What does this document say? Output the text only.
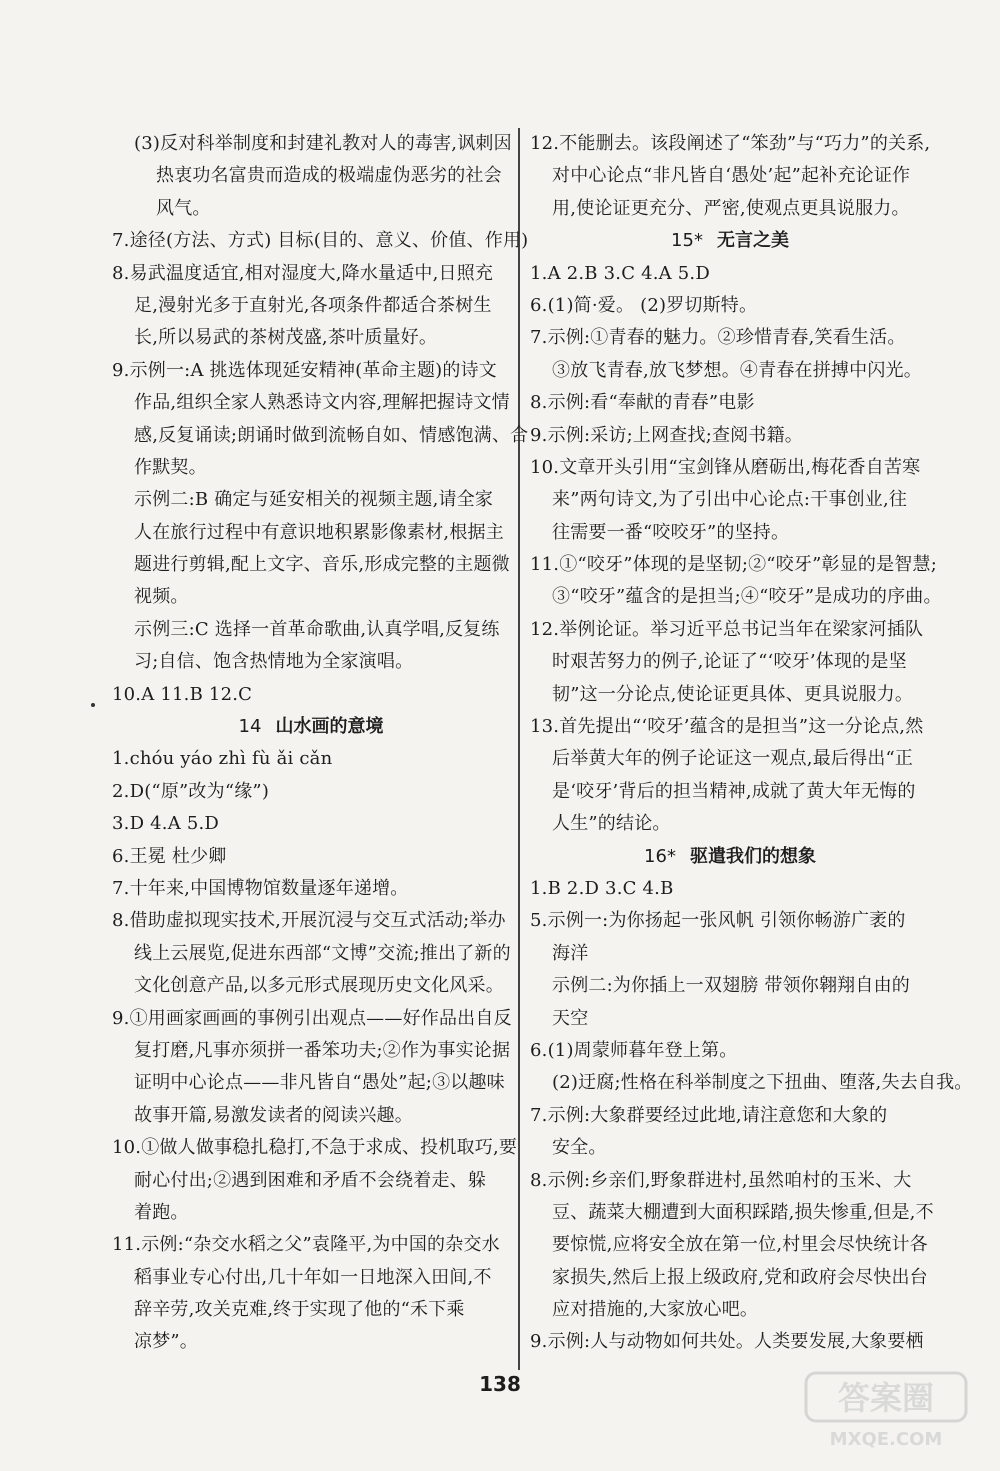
(3)反对科举制度和封建礼教对人的毒害,讽刺因
热衷功名富贵而造成的极端虚伪恶劣的社会
风气。
7.途径(方法、方式) 目标(目的、意义、价值、作用)
8.易武温度适宜,相对湿度大,降水量适中,日照充
足,漫射光多于直射光,各项条件都适合茶树生
长,所以易武的茶树茂盛,茶叶质量好。
9.示例一:A 挑选体现延安精神(革命主题)的诗文
作品,组织全家人熟悉诗文内容,理解把握诗文情
感,反复诵读;朗诵时做到流畅自如、情感饱满、合
作默契。
示例二:B 确定与延安相关的视频主题,请全家
人在旅行过程中有意识地积累影像素材,根据主
题进行剪辑,配上文字、音乐,形成完整的主题微
视频。
示例三:C 选择一首革命歌曲,认真学唱,反复练
习;自信、饱含热情地为全家演唱。
10.A 11.B 12.C
14 山水画的意境
1.chóu yáo zhì fù ǎi cǎn
2.D(“原”改为“缘”)
3.D 4.A 5.D
6.王冕 杜少卿
7.十年来,中国博物馆数量逐年递增。
8.借助虚拟现实技术,开展沉浸与交互式活动;举办
线上云展览,促进东西部“文博”交流;推出了新的
文化创意产品,以多元形式展现历史文化风采。
9.①用画家画画的事例引出观点——好作品出自反
复打磨,凡事亦须拼一番笨功夫;②作为事实论据
证明中心论点——非凡皆自“愚处”起;③以趣味
故事开篇,易激发读者的阅读兴趣。
10.①做人做事稳扎稳打,不急于求成、投机取巧,要
耐心付出;②遇到困难和矛盾不会绕着走、躲
着跑。
11.示例:“杂交水稻之父”袁隆平,为中国的杂交水
稻事业专心付出,几十年如一日地深入田间,不
辞辛劳,攻关克难,终于实现了他的“禾下乘
凉梦”。
12.不能删去。该段阐述了“笨劲”与“巧力”的关系,
对中心论点“非凡皆自‘愚处’起”起补充论证作
用,使论证更充分、严密,使观点更具说服力。
15* 无言之美
1.A 2.B 3.C 4.A 5.D
6.(1)简·爱。 (2)罗切斯特。
7.示例:①青春的魅力。②珍惜青春,笑看生活。
③放飞青春,放飞梦想。④青春在拼搏中闪光。
8.示例:看“奉献的青春”电影
9.示例:采访;上网查找;查阅书籍。
10.文章开头引用“宝剑锋从磨砺出,梅花香自苦寒
来”两句诗文,为了引出中心论点:干事创业,往
往需要一番“咬咬牙”的坚持。
11.①“咬牙”体现的是坚韧;②“咬牙”彰显的是智慧;
③“咬牙”蕴含的是担当;④“咬牙”是成功的序曲。
12.举例论证。举习近平总书记当年在梁家河插队
时艰苦努力的例子,论证了“‘咬牙’体现的是坚
韧”这一分论点,使论证更具体、更具说服力。
13.首先提出“‘咬牙’蕴含的是担当”这一分论点,然
后举黄大年的例子论证这一观点,最后得出“正
是‘咬牙’背后的担当精神,成就了黄大年无悔的
人生”的结论。
16* 驱遣我们的想象
1.B 2.D 3.C 4.B
5.示例一:为你扬起一张风帆 引领你畅游广袤的
海洋
示例二:为你插上一双翅膀 带领你翱翔自由的
天空
6.(1)周蒙师暮年登上第。
(2)迂腐;性格在科举制度之下扭曲、堕落,失去自我。
7.示例:大象群要经过此地,请注意您和大象的
安全。
8.示例:乡亲们,野象群进村,虽然咱村的玉米、大
豆、蔬菜大棚遭到大面积踩踏,损失惨重,但是,不
要惊慌,应将安全放在第一位,村里会尽快统计各
家损失,然后上报上级政府,党和政府会尽快出台
应对措施的,大家放心吧。
9.示例:人与动物如何共处。人类要发展,大象要栖
138	答案圈
MXQE.COM
